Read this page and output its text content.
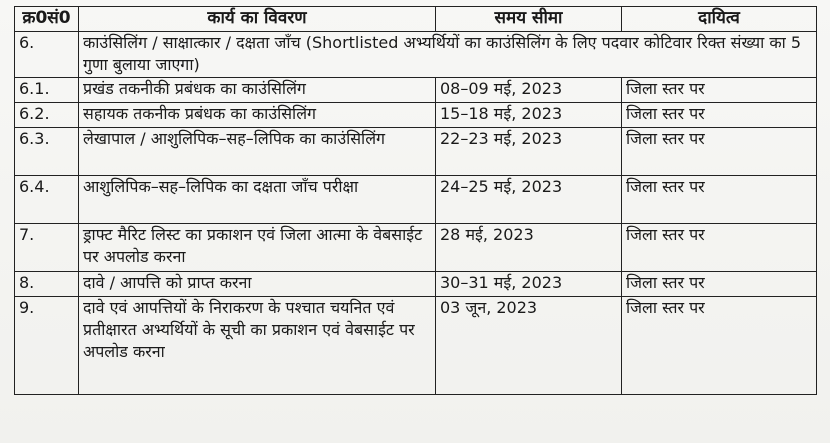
क्र0सं0	कार्य का विवरण	समय सीमा	दायित्व
6.	काउंसिलिंग / साक्षात्कार / दक्षता जाँच (Shortlisted अभ्यर्थियों का काउंसिलिंग के लिए पदवार कोटिवार रिक्त संख्या का 5 गुणा बुलाया जाएगा)		
6.1.	प्रखंड तकनीकी प्रबंधक का काउंसिलिंग	08–09 मई, 2023	जिला स्तर पर
6.2.	सहायक तकनीक प्रबंधक का काउंसिलिंग	15–18 मई, 2023	जिला स्तर पर
6.3.	लेखापाल / आशुलिपिक–सह–लिपिक का काउंसिलिंग	22–23 मई, 2023	जिला स्तर पर
6.4.	आशुलिपिक–सह–लिपिक का दक्षता जाँच परीक्षा	24–25 मई, 2023	जिला स्तर पर
7.	ड्राफ्ट मैरिट लिस्ट का प्रकाशन एवं जिला आत्मा के वेबसाईट पर अपलोड करना	28 मई, 2023	जिला स्तर पर
8.	दावे / आपत्ति को प्राप्त करना	30–31 मई, 2023	जिला स्तर पर
9.	दावे एवं आपत्तियों के निराकरण के पश्चात चयनित एवं प्रतीक्षारत अभ्यर्थियों के सूची का प्रकाशन एवं वेबसाईट पर अपलोड करना	03 जून, 2023	जिला स्तर पर
